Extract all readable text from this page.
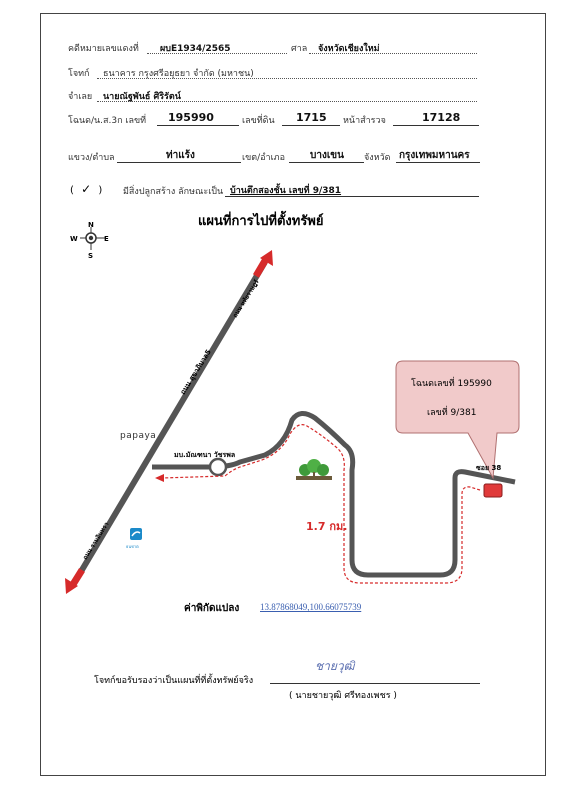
คดีหมายเลขแดงที่ ผบE1934/2565	ศาล จังหวัดเชียงใหม่
โจทก์ ธนาคาร กรุงศรีอยุธยา จำกัด (มหาชน)
จำเลย นายณัฐพันธ์ ศิริรัตน์
โฉนด/น.ส.3ก เลขที่ 195990	เลขที่ดิน 1715 หน้าสำรวจ	17128
แขวง/ตำบล	ท่าแร้ง	เขต/อำเภอ	บางเขน จังหวัด กรุงเทพมหานคร
( ✓ ) มีสิ่งปลูกสร้าง ลักษณะเป็น บ้านตึกสองชั้น เลขที่ 9/381
แผนที่การไปที่ตั้งทรัพย์
N
S
E
W
ถนน หทัยราษฎร์
ถนน สุขาภิบาล5
ถนน รามอินทรา
โฉนดเลขที่ 195990
เลขที่ 9/381
papaya
มบ.มัณฑนา วัชรพล
ซอย 38
1.7 กม.
ธนชาต
ค่าพิกัดแปลง 13.87868049,100.66075739
โจทก์ขอรับรองว่าเป็นแผนที่ที่ตั้งทรัพย์จริง
ชายวุฒิ
( นายชายวุฒิ ศรีทองเพชร )
